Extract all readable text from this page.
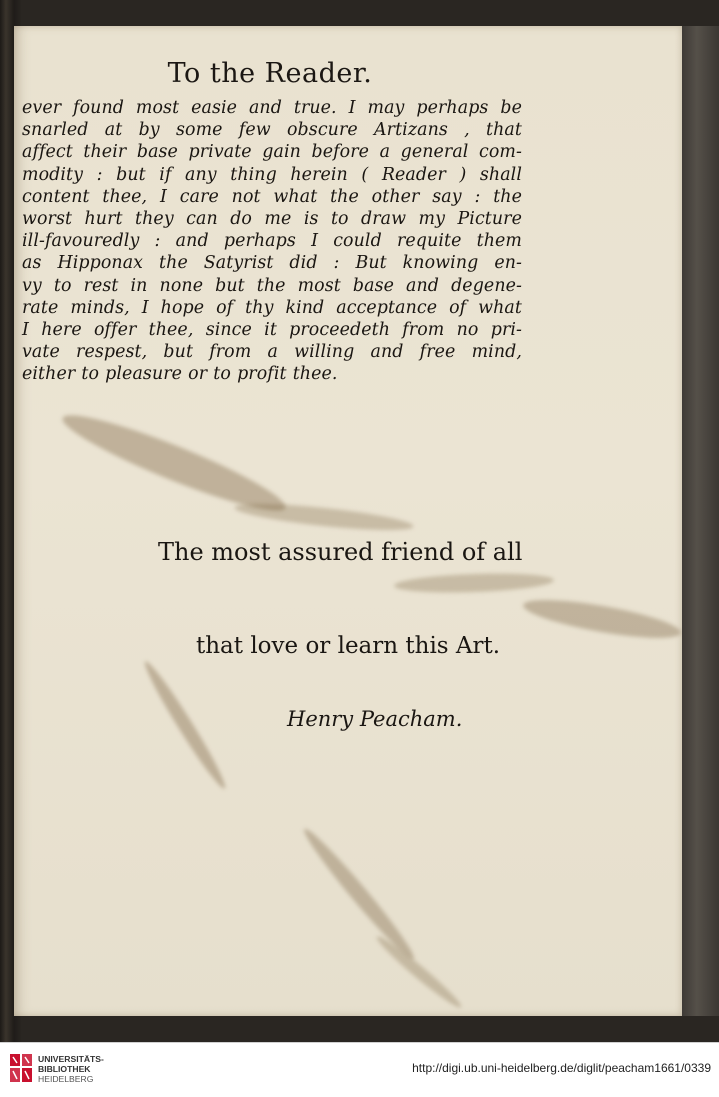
To the Reader.
ever found most easie and true. I may perhaps be
snarled at by some few obscure Artizans , that
affect their base private gain before a general com-
modity : but if any thing herein ( Reader ) shall
content thee, I care not what the other say : the
worst hurt they can do me is to draw my Picture
ill-favouredly : and perhaps I could requite them
as Hipponax the Satyrist did : But knowing en-
vy to rest in none but the most base and degene-
rate minds, I hope of thy kind acceptance of what
I here offer thee, since it proceedeth from no pri-
vate respest, but from a willing and free mind,
either to pleasure or to profit thee.
The most assured friend of all
that love or learn this Art.
Henry Peacham.
UNIVERSITÄTS-
BIBLIOTHEK
HEIDELBERG
http://digi.ub.uni-heidelberg.de/diglit/peacham1661/0339
